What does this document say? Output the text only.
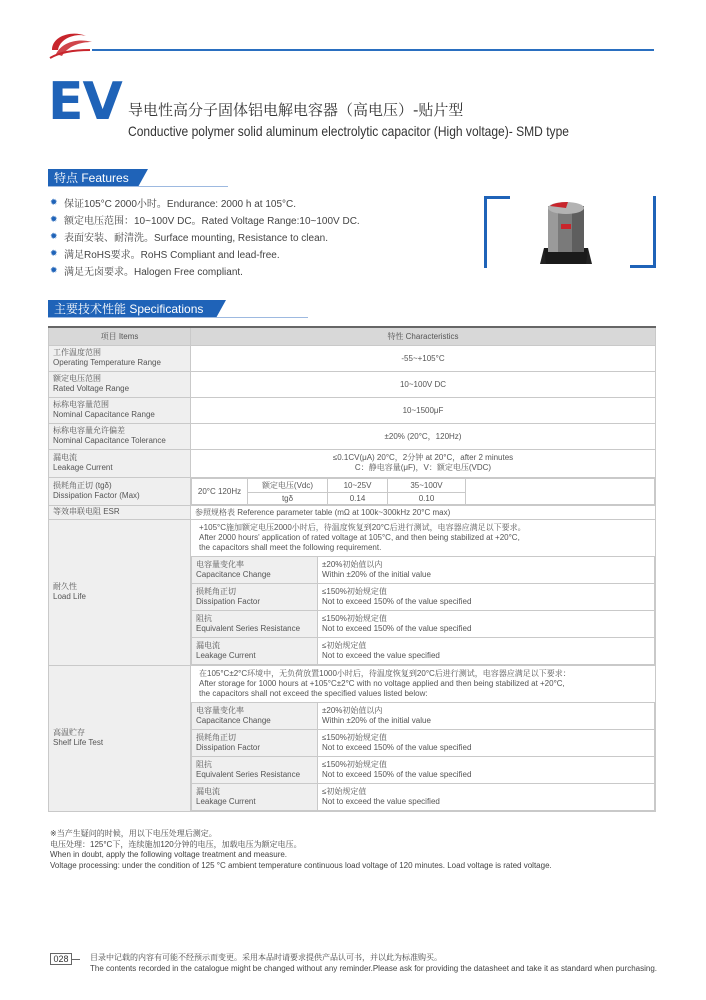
EV 导电性高分子固体铝电解电容器（高电压）-贴片型
Conductive polymer solid aluminum electrolytic capacitor (High voltage)- SMD type
特点 Features
✹ 保证105°C 2000小时。Endurance: 2000 h at 105°C.
✹ 额定电压范围：10~100V DC。Rated Voltage Range:10~100V DC.
✹ 表面安装、耐清洗。Surface mounting, Resistance to clean.
✹ 满足RoHS要求。RoHS Compliant and lead-free.
✹ 满足无卤要求。Halogen Free compliant.
主要技术性能 Specifications
项目 Items	特性 Characteristics

工作温度范围
Operating Temperature Range	-55~+105°C

额定电压范围
Rated Voltage Range	10~100V DC

标称电容量范围
Nominal Capacitance Range	10~1500μF

标称电容量允许偏差
Nominal Capacitance Tolerance	±20% (20°C，120Hz)

漏电流
Leakage Current

≤0.1CV(μA) 20°C，2分钟 at 20°C，after 2 minutes
C：静电容量(μF)，V：额定电压(VDC)

损耗角正切 (tgδ)
Dissipation Factor (Max)
		20°C 120Hz	额定电压(Vdc)	10~25V	35~100V	
tgδ	0.14	0.10

等效串联电阻 ESR	参照规格表 Reference parameter table (mΩ at 100k~300kHz 20°C max)

耐久性
Load Life

+105°C施加额定电压2000小时后，待温度恢复到20°C后进行测试，电容器应满足以下要求。
After 2000 hours' application of rated voltage at 105°C, and then being stabilized at +20°C,
the capacitors shall meet the following requirement.
电容量变化率
Capacitance Change

±20%初始值以内
Within ±20% of the initial value

损耗角正切
Dissipation Factor

≤150%初始规定值
Not to exceed 150% of the value specified

阻抗
Equivalent Series Resistance

≤150%初始规定值
Not to exceed 150% of the value specified

漏电流
Leakage Current

≤初始规定值
Not to exceed the value specified

高温贮存
Shelf Life Test

在105°C±2°C环境中，无负荷放置1000小时后，待温度恢复到20°C后进行测试，电容器应满足以下要求：
After storage for 1000 hours at +105°C±2°C with no voltage applied and then being stabilized at +20°C,
the capacitors shall not exceed the specified values listed below:
电容量变化率
Capacitance Change

±20%初始值以内
Within ±20% of the initial value

损耗角正切
Dissipation Factor

≤150%初始规定值
Not to exceed 150% of the value specified

阻抗
Equivalent Series Resistance

≤150%初始规定值
Not to exceed 150% of the value specified

漏电流
Leakage Current

≤初始规定值
Not to exceed the value specified
※当产生疑问的时候，用以下电压处理后测定。
电压处理：125°C下，连续施加120分钟的电压，加载电压为额定电压。
When in doubt, apply the following voltage treatment and measure.
Voltage processing: under the condition of 125 °C ambient temperature continuous load voltage of 120 minutes. Load voltage is rated voltage.
028	目录中记载的内容有可能不经预示而变更。采用本品时请要求提供产品认可书，并以此为标准购买。
The contents recorded in the catalogue might be changed without any reminder.Please ask for providing the datasheet and take it as standard when purchasing.
